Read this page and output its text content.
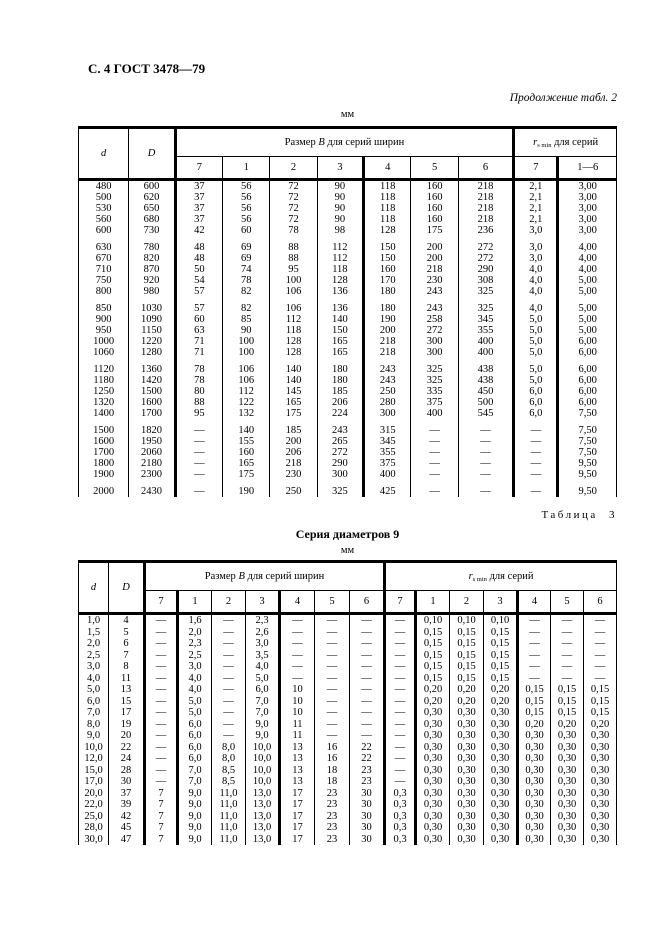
С. 4 ГОСТ 3478—79
Продолжение табл. 2
мм
d	D	Размер B для серий ширин							$r_{s min}$ для серий	
		7	1	2	3	4	5	6	7	1—6
480	600	37	56	72	90	118	160	218	2,1	3,00
500	620	37	56	72	90	118	160	218	2,1	3,00
530	650	37	56	72	90	118	160	218	2,1	3,00
560	680	37	56	72	90	118	160	218	2,1	3,00
600	730	42	60	78	98	128	175	236	3,0	3,00

630	780	48	69	88	112	150	200	272	3,0	4,00
670	820	48	69	88	112	150	200	272	3,0	4,00
710	870	50	74	95	118	160	218	290	4,0	4,00
750	920	54	78	100	128	170	230	308	4,0	5,00
800	980	57	82	106	136	180	243	325	4,0	5,00

850	1030	57	82	106	136	180	243	325	4,0	5,00
900	1090	60	85	112	140	190	258	345	5,0	5,00
950	1150	63	90	118	150	200	272	355	5,0	5,00
1000	1220	71	100	128	165	218	300	400	5,0	6,00
1060	1280	71	100	128	165	218	300	400	5,0	6,00

1120	1360	78	106	140	180	243	325	438	5,0	6,00
1180	1420	78	106	140	180	243	325	438	5,0	6,00
1250	1500	80	112	145	185	250	335	450	6,0	6,00
1320	1600	88	122	165	206	280	375	500	6,0	6,00
1400	1700	95	132	175	224	300	400	545	6,0	7,50

1500	1820	—	140	185	243	315	—	—	—	7,50
1600	1950	—	155	200	265	345	—	—	—	7,50
1700	2060	—	160	206	272	355	—	—	—	7,50
1800	2180	—	165	218	290	375	—	—	—	9,50
1900	2300	—	175	230	300	400	—	—	—	9,50

2000	2430	—	190	250	325	425	—	—	—	9,50
Таблица 3
Серия диаметров 9
мм
d	D	Размер B для серий ширин							$r_{s min}$ для серий						
		7	1	2	3	4	5	6	7	1	2	3	4	5	6
1,0	4	—	1,6	—	2,3	—	—	—	—	0,10	0,10	0,10	—	—	—
1,5	5	—	2,0	—	2,6	—	—	—	—	0,15	0,15	0,15	—	—	—
2,0	6	—	2,3	—	3,0	—	—	—	—	0,15	0,15	0,15	—	—	—
2,5	7	—	2,5	—	3,5	—	—	—	—	0,15	0,15	0,15	—	—	—
3,0	8	—	3,0	—	4,0	—	—	—	—	0,15	0,15	0,15	—	—	—
4,0	11	—	4,0	—	5,0	—	—	—	—	0,15	0,15	0,15	—	—	—
5,0	13	—	4,0	—	6,0	10	—	—	—	0,20	0,20	0,20	0,15	0,15	0,15
6,0	15	—	5,0	—	7,0	10	—	—	—	0,20	0,20	0,20	0,15	0,15	0,15
7,0	17	—	5,0	—	7,0	10	—	—	—	0,30	0,30	0,30	0,15	0,15	0,15
8,0	19	—	6,0	—	9,0	11	—	—	—	0,30	0,30	0,30	0,20	0,20	0,20
9,0	20	—	6,0	—	9,0	11	—	—	—	0,30	0,30	0,30	0,30	0,30	0,30
10,0	22	—	6,0	8,0	10,0	13	16	22	—	0,30	0,30	0,30	0,30	0,30	0,30
12,0	24	—	6,0	8,0	10,0	13	16	22	—	0,30	0,30	0,30	0,30	0,30	0,30
15,0	28	—	7,0	8,5	10,0	13	18	23	—	0,30	0,30	0,30	0,30	0,30	0,30
17,0	30	—	7,0	8,5	10,0	13	18	23	—	0,30	0,30	0,30	0,30	0,30	0,30
20,0	37	7	9,0	11,0	13,0	17	23	30	0,3	0,30	0,30	0,30	0,30	0,30	0,30
22,0	39	7	9,0	11,0	13,0	17	23	30	0,3	0,30	0,30	0,30	0,30	0,30	0,30
25,0	42	7	9,0	11,0	13,0	17	23	30	0,3	0,30	0,30	0,30	0,30	0,30	0,30
28,0	45	7	9,0	11,0	13,0	17	23	30	0,3	0,30	0,30	0,30	0,30	0,30	0,30
30,0	47	7	9,0	11,0	13,0	17	23	30	0,3	0,30	0,30	0,30	0,30	0,30	0,30
